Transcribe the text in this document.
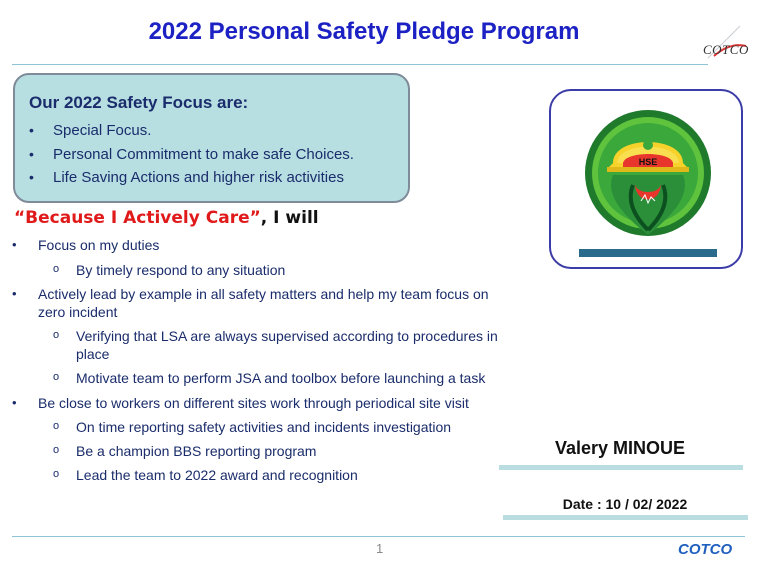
2022 Personal Safety Pledge Program
COTCO
Our 2022 Safety Focus are:
• Special Focus.
• Personal Commitment to make safe Choices.
• Life Saving Actions and higher risk activities
“Because I Actively Care”, I will
• Focus on my duties
o By timely respond to any situation
• Actively lead by example in all safety matters and help my team focus on
zero incident
o Verifying that LSA are always supervised according to procedures in
place
o Motivate team to perform JSA and toolbox before launching a task
• Be close to workers on different sites work through periodical site visit
o On time reporting safety activities and incidents investigation
o Be a champion BBS reporting program
o Lead the team to 2022 award and recognition
HSE
Valery MINOUE
Date : 10 / 02/ 2022
1	COTCO
